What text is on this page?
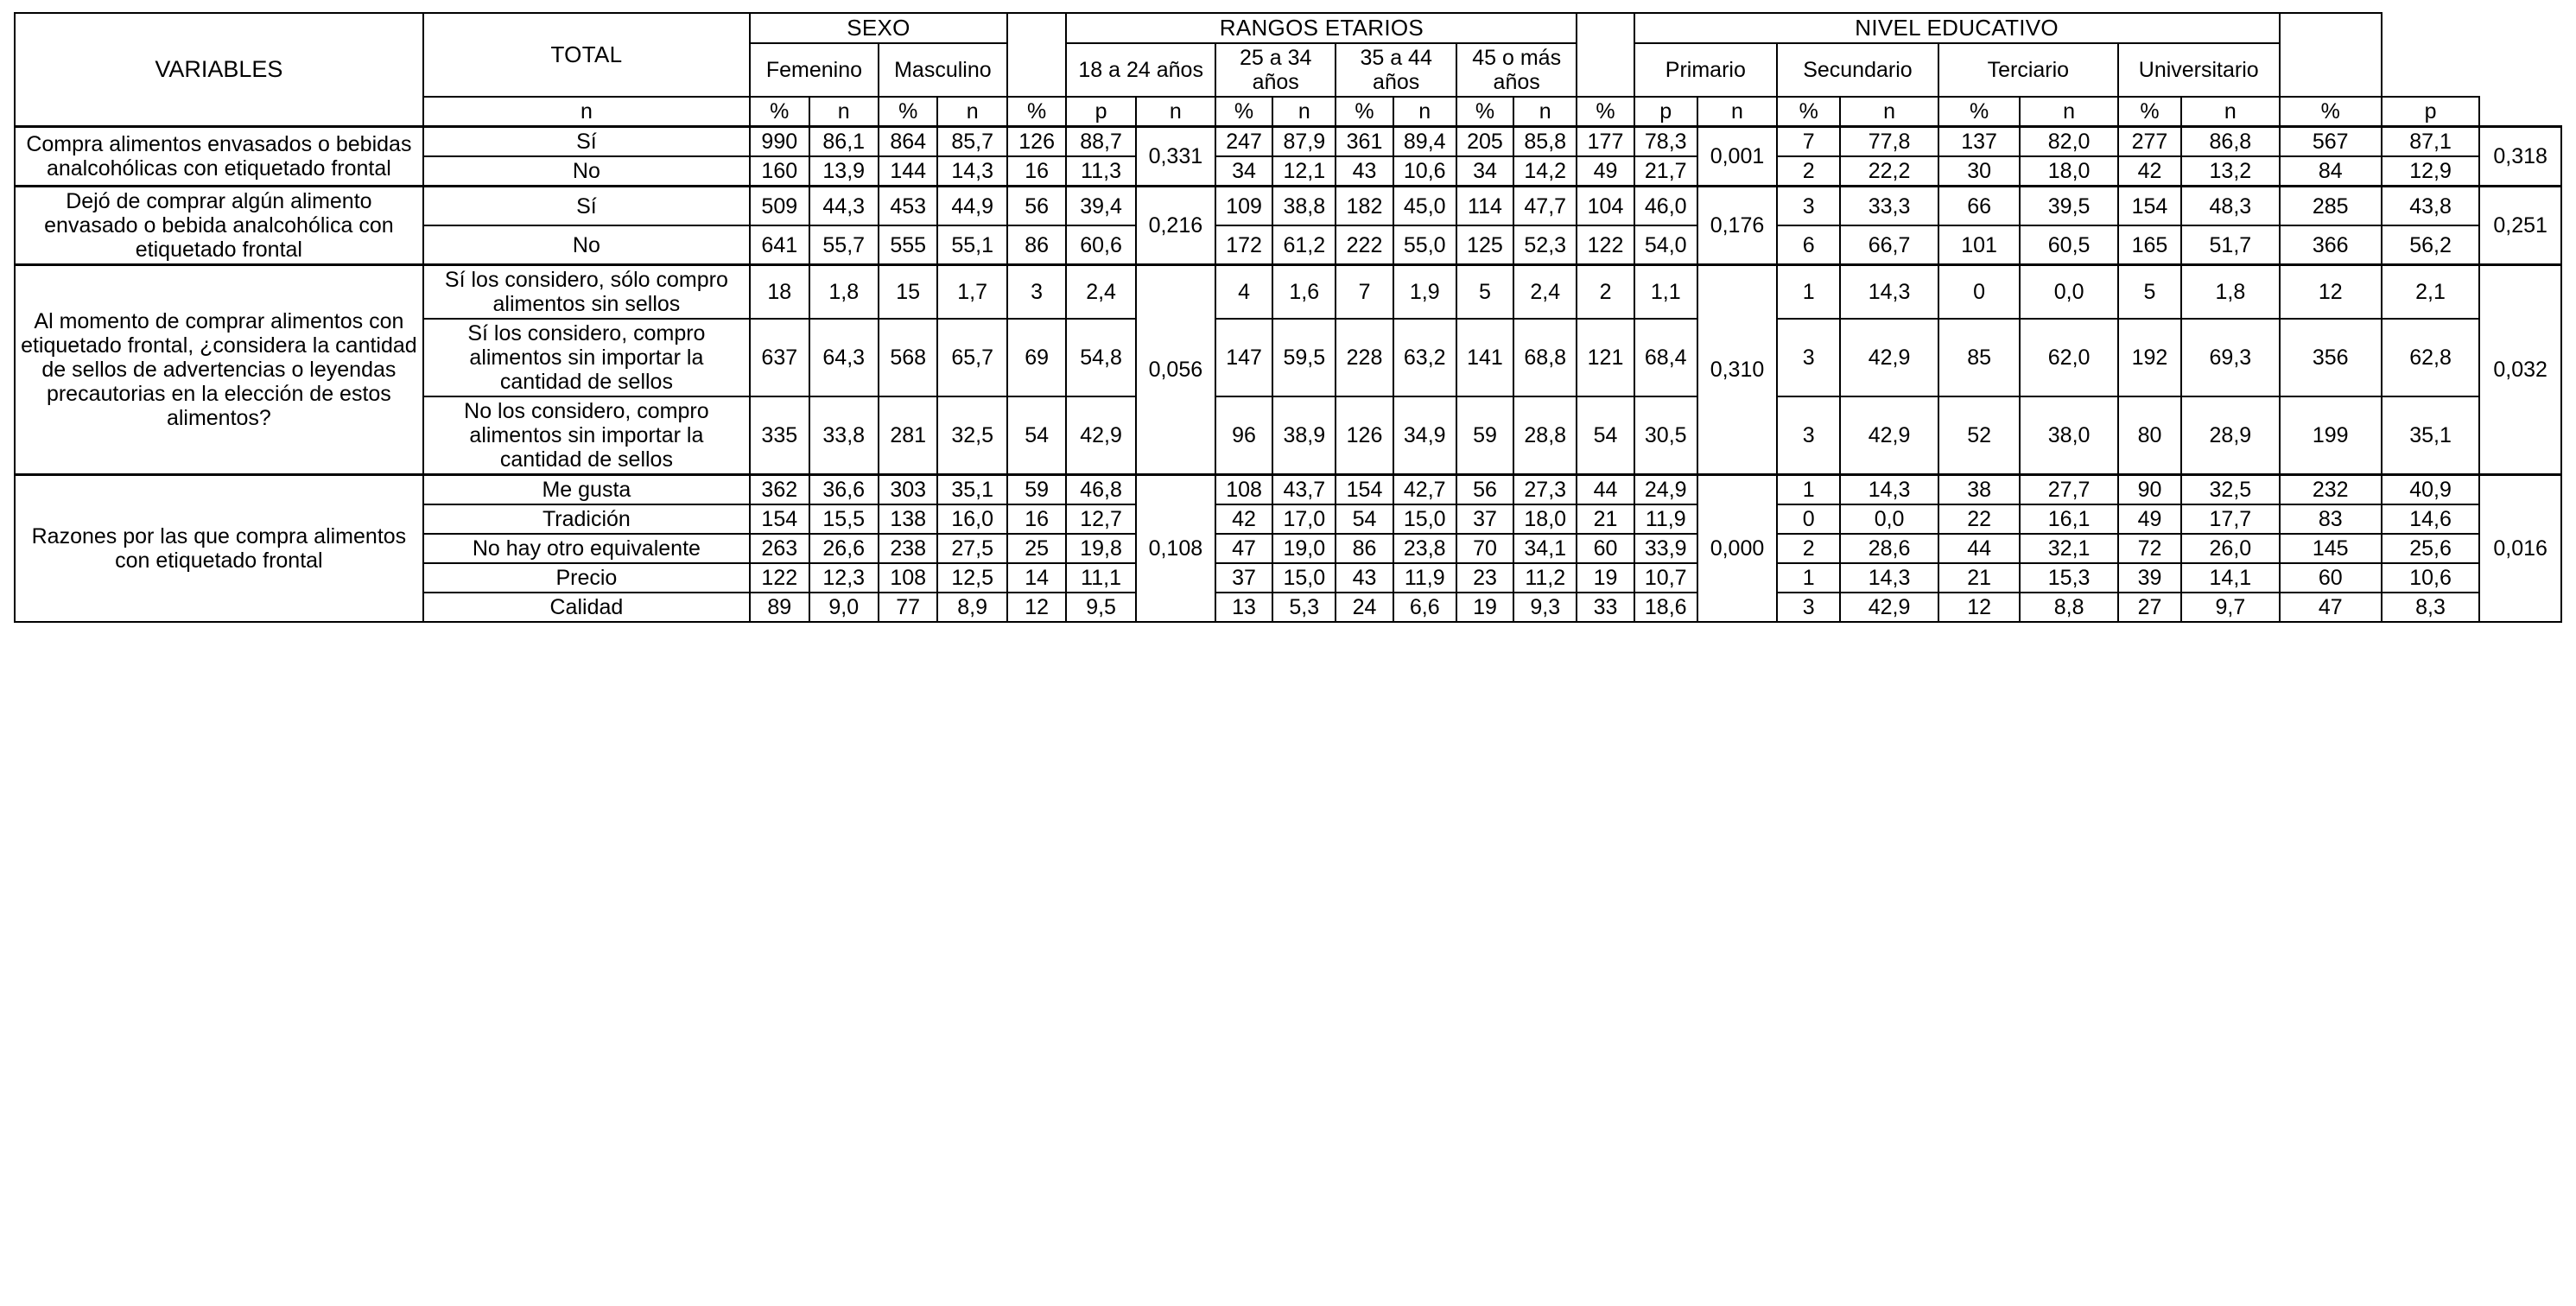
VARIABLES	TOTAL	SEXO					RANGOS ETARIOS									NIVEL EDUCATIVO										
		Femenino		Masculino			18 a 24 años		25 a 34 años		35 a 44 años		45 o más años			Primario		Secundario		Terciario		Universitario				
	n	%	n	%	n	%	p	n	%	n	%	n	%	n	%	p	n	%	n	%	n	%	n	%	p	
Compra alimentos envasados o bebidas analcohólicas con etiquetado frontal	Sí	990	86,1	864	85,7	126	88,7	0,331	247	87,9	361	89,4	205	85,8	177	78,3	0,001	7	77,8	137	82,0	277	86,8	567	87,1	0,318
	No	160	13,9	144	14,3	16	11,3		34	12,1	43	10,6	34	14,2	49	21,7		2	22,2	30	18,0	42	13,2	84	12,9	
Dejó de comprar algún alimento envasado o bebida analcohólica con etiquetado frontal	Sí	509	44,3	453	44,9	56	39,4	0,216	109	38,8	182	45,0	114	47,7	104	46,0	0,176	3	33,3	66	39,5	154	48,3	285	43,8	0,251
	No	641	55,7	555	55,1	86	60,6		172	61,2	222	55,0	125	52,3	122	54,0		6	66,7	101	60,5	165	51,7	366	56,2	
Al momento de comprar alimentos con etiquetado frontal, ¿considera la cantidad de sellos de advertencias o leyendas precautorias en la elección de estos alimentos?	Sí los considero, sólo compro alimentos sin sellos	18	1,8	15	1,7	3	2,4	0,056	4	1,6	7	1,9	5	2,4	2	1,1	0,310	1	14,3	0	0,0	5	1,8	12	2,1	0,032
	Sí los considero, compro alimentos sin importar la cantidad de sellos	637	64,3	568	65,7	69	54,8		147	59,5	228	63,2	141	68,8	121	68,4		3	42,9	85	62,0	192	69,3	356	62,8	
	No los considero, compro alimentos sin importar la cantidad de sellos	335	33,8	281	32,5	54	42,9		96	38,9	126	34,9	59	28,8	54	30,5		3	42,9	52	38,0	80	28,9	199	35,1	
Razones por las que compra alimentos con etiquetado frontal	Me gusta	362	36,6	303	35,1	59	46,8	0,108	108	43,7	154	42,7	56	27,3	44	24,9	0,000	1	14,3	38	27,7	90	32,5	232	40,9	0,016
	Tradición	154	15,5	138	16,0	16	12,7		42	17,0	54	15,0	37	18,0	21	11,9		0	0,0	22	16,1	49	17,7	83	14,6	
	No hay otro equivalente	263	26,6	238	27,5	25	19,8		47	19,0	86	23,8	70	34,1	60	33,9		2	28,6	44	32,1	72	26,0	145	25,6	
	Precio	122	12,3	108	12,5	14	11,1		37	15,0	43	11,9	23	11,2	19	10,7		1	14,3	21	15,3	39	14,1	60	10,6	
	Calidad	89	9,0	77	8,9	12	9,5		13	5,3	24	6,6	19	9,3	33	18,6		3	42,9	12	8,8	27	9,7	47	8,3	
